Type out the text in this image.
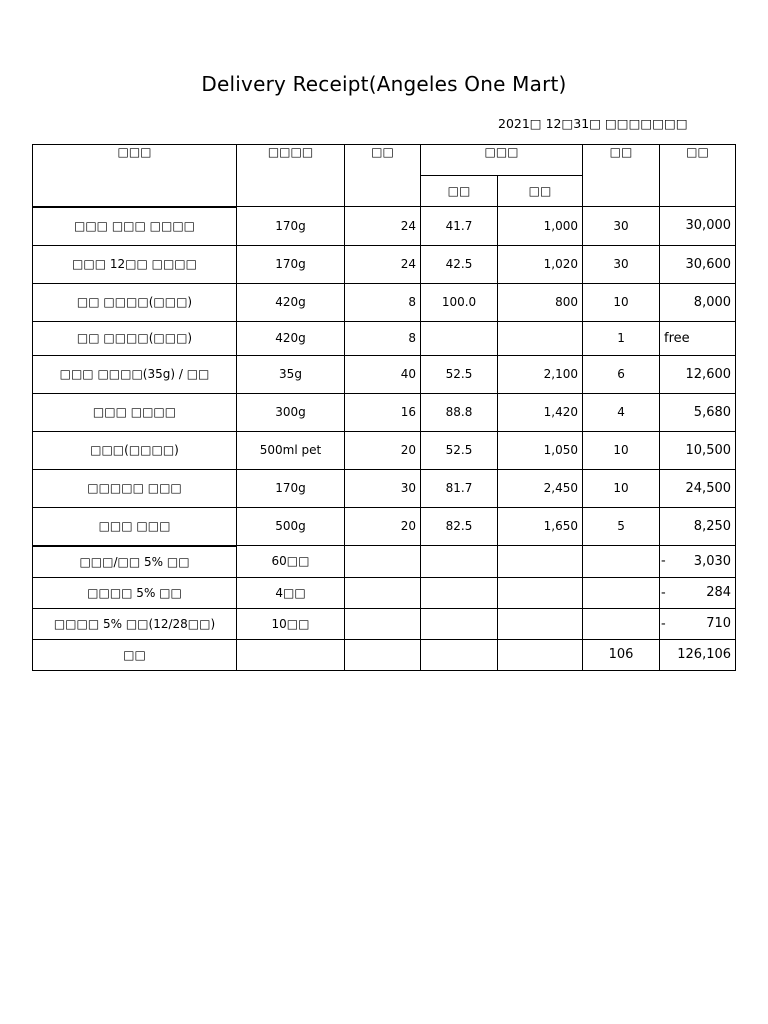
Delivery Receipt(Angeles One Mart)
2021□ 12□31□ □□□□□□□
□□□	□□□□	□□	□□□		□□	□□
			□□	□□		
□□□ □□□ □□□□	170g	24	41.7	1,000	30	30,000
□□□ 12□□ □□□□	170g	24	42.5	1,020	30	30,600
□□ □□□□(□□□)	420g	8	100.0	800	10	8,000
□□ □□□□(□□□)	420g	8			1	free
□□□ □□□□(35g) / □□	35g	40	52.5	2,100	6	12,600
□□□ □□□□	300g	16	88.8	1,420	4	5,680
□□□(□□□□)	500ml pet	20	52.5	1,050	10	10,500
□□□□□ □□□	170g	30	81.7	2,450	10	24,500
□□□ □□□	500g	20	82.5	1,650	5	8,250
□□□/□□ 5% □□	60□□					- 3,030
□□□□ 5% □□	4□□					- 284
□□□□ 5% □□(12/28□□)	10□□					- 710
□□					106	126,106
